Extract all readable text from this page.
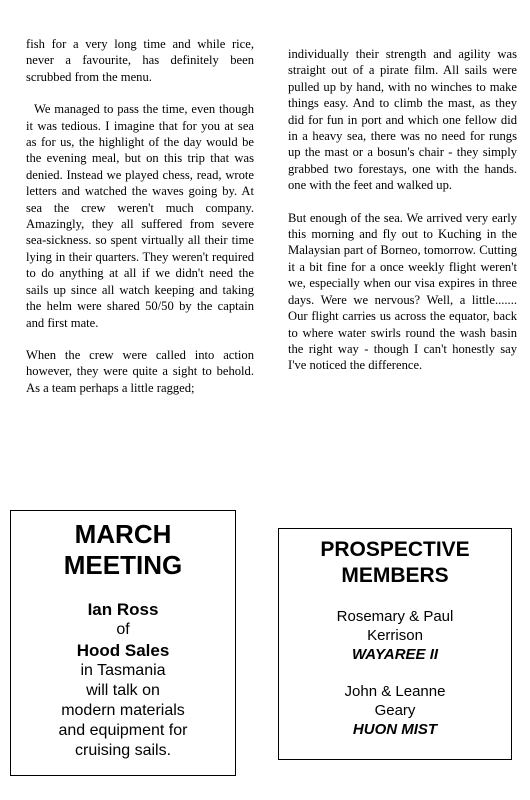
fish for a very long time and while rice, never a favourite, has definitely been scrubbed from the menu.

We managed to pass the time, even though it was tedious. I imagine that for you at sea as for us, the highlight of the day would be the evening meal, but on this trip that was denied. Instead we played chess, read, wrote letters and watched the waves going by. At sea the crew weren't much company. Amazingly, they all suffered from severe sea-sickness. so spent virtually all their time lying in their quarters. They weren't required to do anything at all if we didn't need the sails up since all watch keeping and taking the helm were shared 50/50 by the captain and first mate.

When the crew were called into action however, they were quite a sight to behold. As a team perhaps a little ragged;

individually their strength and agility was straight out of a pirate film. All sails were pulled up by hand, with no winches to make things easy. And to climb the mast, as they did for fun in port and which one fellow did in a heavy sea, there was no need for rungs up the mast or a bosun's chair - they simply grabbed two forestays, one with the hands. one with the feet and walked up.

But enough of the sea. We arrived very early this morning and fly out to Kuching in the Malaysian part of Borneo, tomorrow. Cutting it a bit fine for a once weekly flight weren't we, especially when our visa expires in three days. Were we nervous? Well, a little....... Our flight carries us across the equator, back to where water swirls round the wash basin the right way - though I can't honestly say I've noticed the difference.

MARCH
MEETING
Ian Ross
of
Hood Sales
in Tasmania
will talk on
modern materials
and equipment for
cruising sails.
PROSPECTIVE
MEMBERS
Rosemary & Paul
Kerrison
WAYAREE II
John & Leanne
Geary
HUON MIST
